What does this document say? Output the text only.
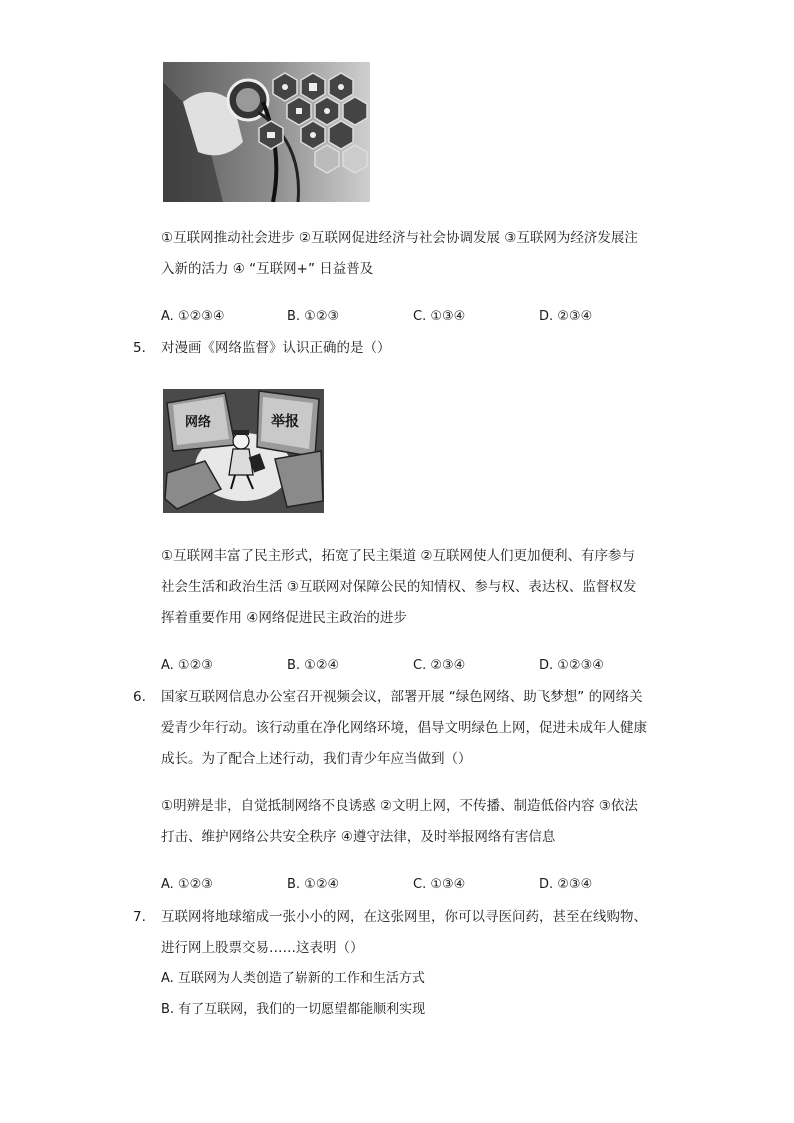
①互联网推动社会进步 ②互联网促进经济与社会协调发展 ③互联网为经济发展注
入新的活力 ④ “互联网+” 日益普及
A. ①②③④	B. ①②③	C. ①③④	D. ②③④
5. 对漫画《网络监督》认识正确的是（）
网络	举报
①互联网丰富了民主形式，拓宽了民主渠道 ②互联网使人们更加便利、有序参与
社会生活和政治生活 ③互联网对保障公民的知情权、参与权、表达权、监督权发
挥着重要作用 ④网络促进民主政治的进步
A. ①②③	B. ①②④	C. ②③④	D. ①②③④
6. 国家互联网信息办公室召开视频会议，部署开展 “绿色网络、助飞梦想” 的网络关
爱青少年行动。该行动重在净化网络环境，倡导文明绿色上网，促进未成年人健康
成长。为了配合上述行动，我们青少年应当做到（）
①明辨是非，自觉抵制网络不良诱惑 ②文明上网，不传播、制造低俗内容 ③依法
打击、维护网络公共安全秩序 ④遵守法律，及时举报网络有害信息
A. ①②③	B. ①②④	C. ①③④	D. ②③④
7. 互联网将地球缩成一张小小的网，在这张网里，你可以寻医问药，甚至在线购物、
进行网上股票交易……这表明（）
A. 互联网为人类创造了崭新的工作和生活方式
B. 有了互联网，我们的一切愿望都能顺利实现
